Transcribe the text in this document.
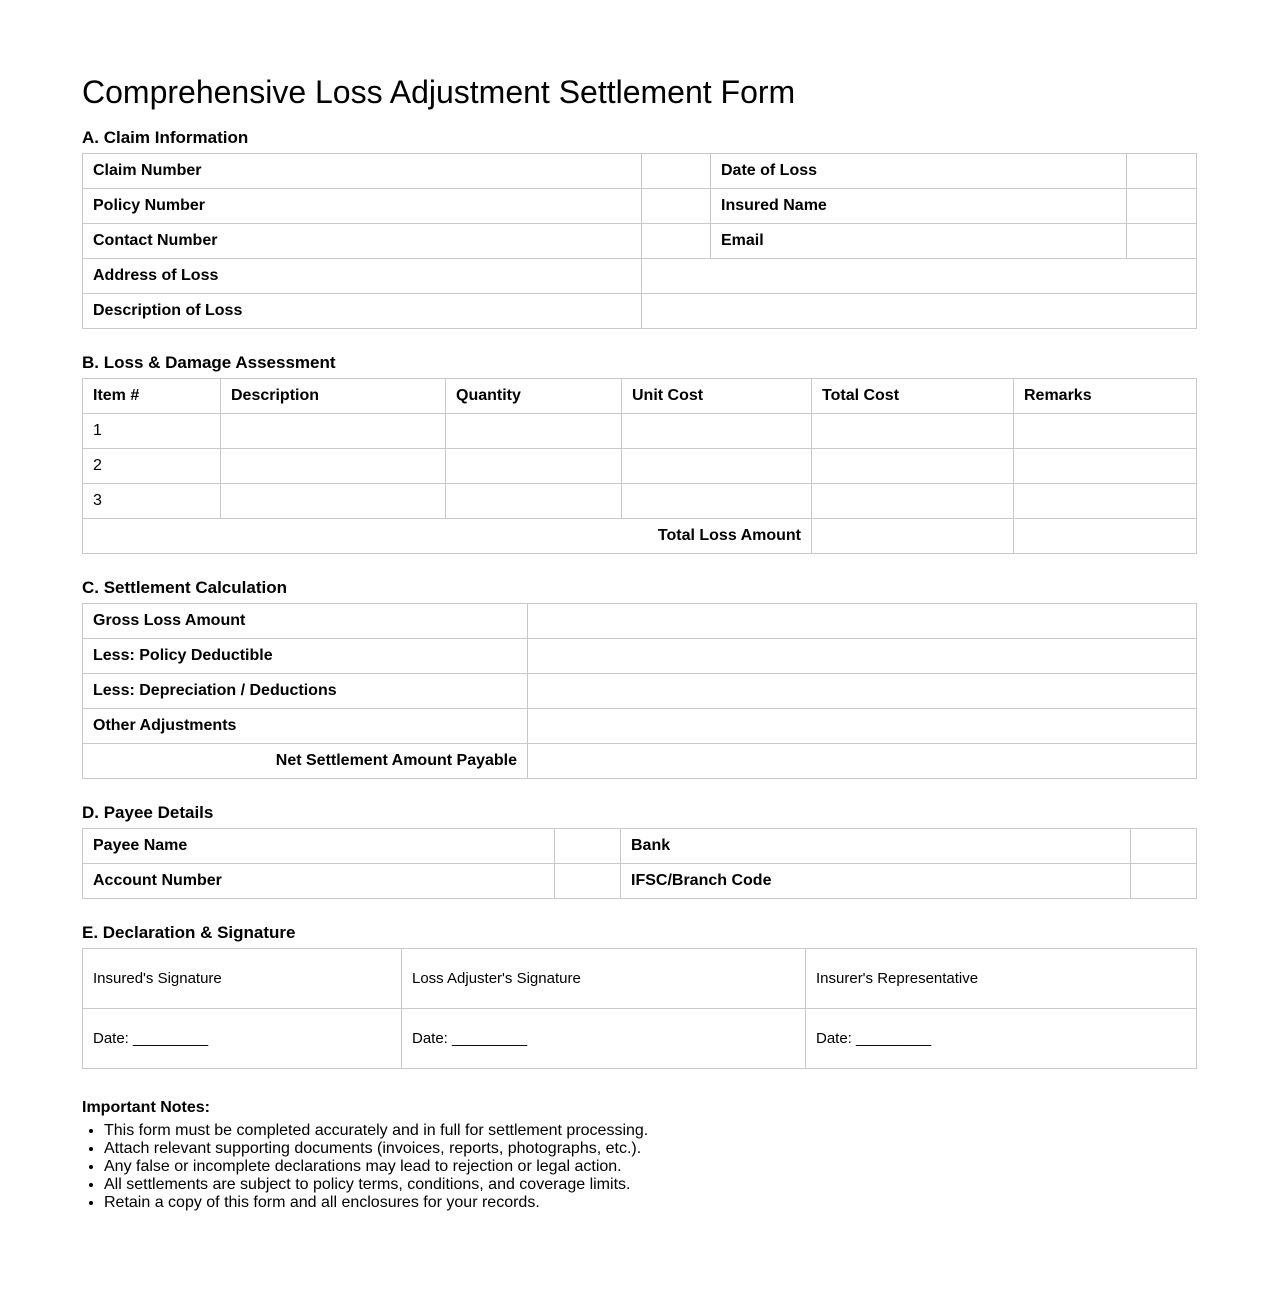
Comprehensive Loss Adjustment Settlement Form
A. Claim Information
Claim Number		Date of Loss	
Policy Number		Insured Name	
Contact Number		Email	
Address of Loss			
Description of Loss			
B. Loss & Damage Assessment
Item #	Description	Quantity	Unit Cost	Total Cost	Remarks
1					
2					
3					
Total Loss Amount					
C. Settlement Calculation
Gross Loss Amount	
Less: Policy Deductible	
Less: Depreciation / Deductions	
Other Adjustments	
Net Settlement Amount Payable	
D. Payee Details
Payee Name		Bank	
Account Number		IFSC/Branch Code	
E. Declaration & Signature
Insured's Signature	Loss Adjuster's Signature	Insurer's Representative
Date: _________	Date: _________	Date: _________
Important Notes:
• This form must be completed accurately and in full for settlement processing.
• Attach relevant supporting documents (invoices, reports, photographs, etc.).
• Any false or incomplete declarations may lead to rejection or legal action.
• All settlements are subject to policy terms, conditions, and coverage limits.
• Retain a copy of this form and all enclosures for your records.
